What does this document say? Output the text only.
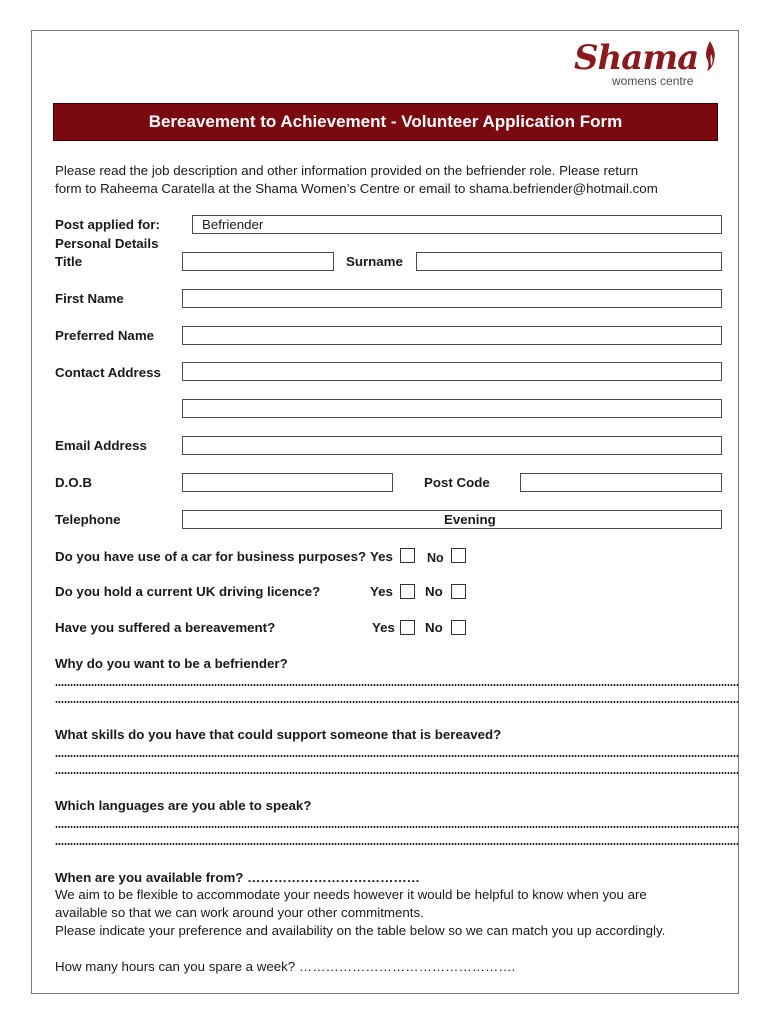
Shama
womens centre
Bereavement to Achievement - Volunteer Application Form
Please read the job description and other information provided on the befriender role. Please return
form to Raheema Caratella at the Shama Women’s Centre or email to shama.befriender@hotmail.com
Post applied for:	Befriender
Personal Details
Title	Surname
First Name
Preferred Name
Contact Address
Email Address
D.O.B	Post Code
Telephone	Evening
Do you have use of a car for business purposes? Yes	No
Do you hold a current UK driving licence?	Yes No
Have you suffered a bereavement?	Yes No
Why do you want to be a befriender?
What skills do you have that could support someone that is bereaved?
Which languages are you able to speak?
When are you available from? …………………………………
We aim to be flexible to accommodate your needs however it would be helpful to know when you are
available so that we can work around your other commitments.
Please indicate your preference and availability on the table below so we can match you up accordingly.
How many hours can you spare a week? ………………………………………….
